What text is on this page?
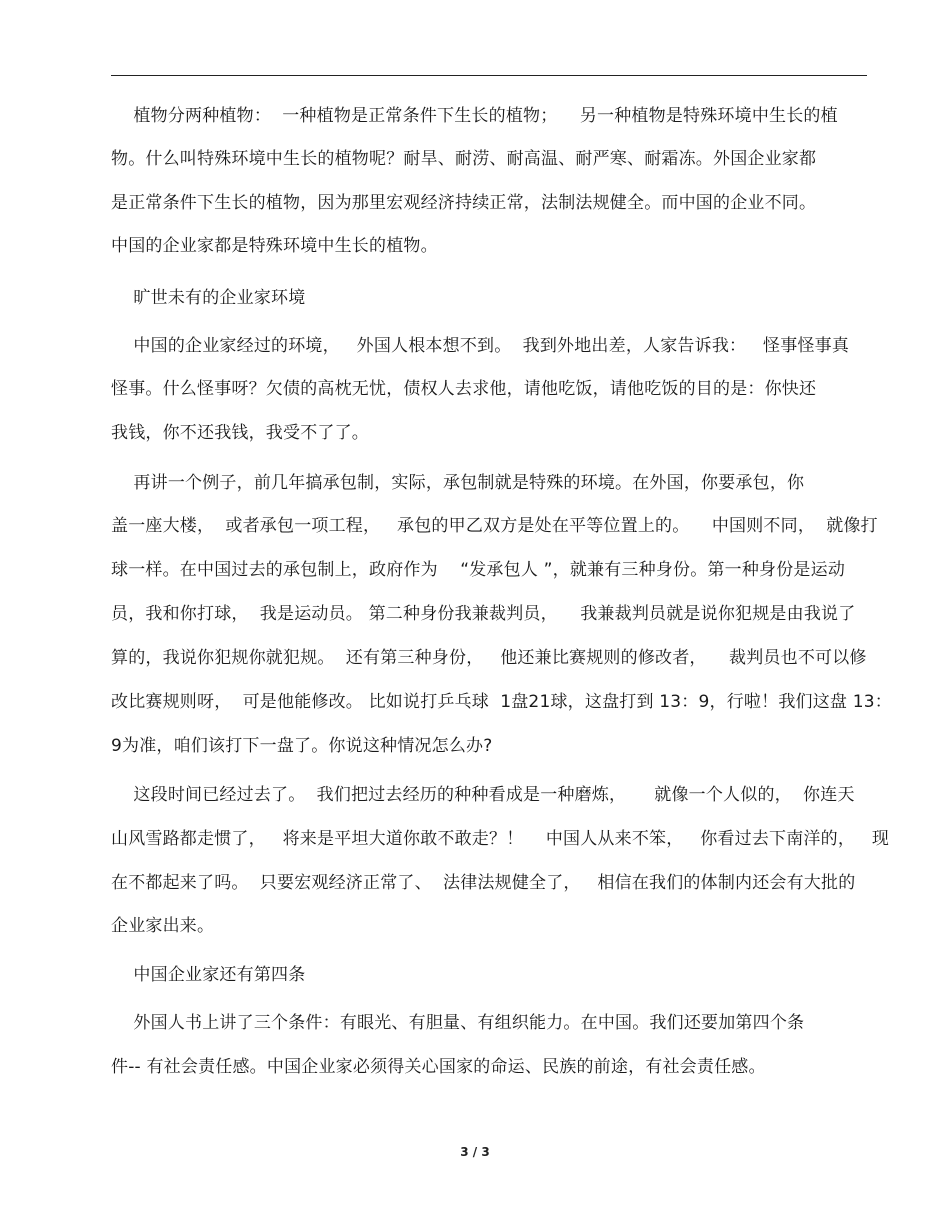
植物分两种植物：  一种植物是正常条件下生长的植物；    另一种植物是特殊环境中生长的植
物。什么叫特殊环境中生长的植物呢？耐旱、耐涝、耐高温、耐严寒、耐霜冻。外国企业家都
是正常条件下生长的植物，因为那里宏观经济持续正常，法制法规健全。而中国的企业不同。
中国的企业家都是特殊环境中生长的植物。
旷世未有的企业家环境
中国的企业家经过的环境，   外国人根本想不到。  我到外地出差，人家告诉我：   怪事怪事真
怪事。什么怪事呀？欠债的高枕无忧，债权人去求他，请他吃饭，请他吃饭的目的是：你快还
我钱，你不还我钱，我受不了了。
再讲一个例子，前几年搞承包制，实际，承包制就是特殊的环境。在外国，你要承包，你
盖一座大楼，  或者承包一项工程，   承包的甲乙双方是处在平等位置上的。    中国则不同，  就像打
球一样。在中国过去的承包制上，政府作为    “发承包人 ”，就兼有三种身份。第一种身份是运动
员，我和你打球，  我是运动员。 第二种身份我兼裁判员，    我兼裁判员就是说你犯规是由我说了
算的，我说你犯规你就犯规。  还有第三种身份，   他还兼比赛规则的修改者，    裁判员也不可以修
改比赛规则呀，  可是他能修改。 比如说打乒乓球  1盘21球，这盘打到 13：9，行啦！我们这盘 13：
9为准，咱们该打下一盘了。你说这种情况怎么办?
这段时间已经过去了。  我们把过去经历的种种看成是一种磨炼，     就像一个人似的，  你连天
山风雪路都走惯了，   将来是平坦大道你敢不敢走？！    中国人从来不笨，   你看过去下南洋的，   现
在不都起来了吗。  只要宏观经济正常了、  法律法规健全了，   相信在我们的体制内还会有大批的
企业家出来。
中国企业家还有第四条
外国人书上讲了三个条件：有眼光、有胆量、有组织能力。在中国。我们还要加第四个条
件-- 有社会责任感。中国企业家必须得关心国家的命运、民族的前途，有社会责任感。
3 / 3
